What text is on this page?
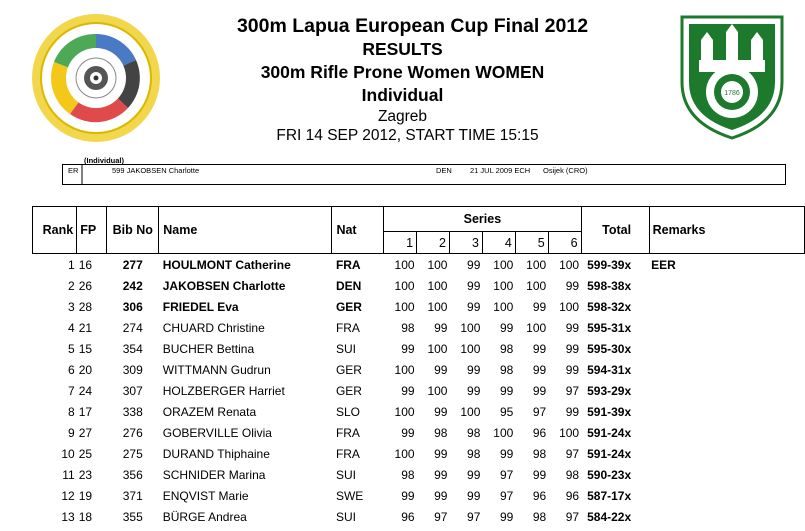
1786
300m Lapua European Cup Final 2012
RESULTS
300m Rifle Prone Women WOMEN
Individual
Zagreb
FRI 14 SEP 2012, START TIME 15:15
(Individual)
ER	599 JAKOBSEN Charlotte	DEN 21 JUL 2009 ECH Osijek (CRO)
Rank	FP	Bib No	Name	Nat	Series						Total	Remarks
					1	2	3	4	5	6		
1	16	277	HOULMONT Catherine	FRA	100	100	99	100	100	100	599-39x	EER
2	26	242	JAKOBSEN Charlotte	DEN	100	100	99	100	100	99	598-38x	
3	28	306	FRIEDEL Eva	GER	100	100	99	100	99	100	598-32x	
4	21	274	CHUARD Christine	FRA	98	99	100	99	100	99	595-31x	
5	15	354	BUCHER Bettina	SUI	99	100	100	98	99	99	595-30x	
6	20	309	WITTMANN Gudrun	GER	100	99	99	98	99	99	594-31x	
7	24	307	HOLZBERGER Harriet	GER	99	100	99	99	99	97	593-29x	
8	17	338	ORAZEM Renata	SLO	100	99	100	95	97	99	591-39x	
9	27	276	GOBERVILLE Olivia	FRA	99	98	98	100	96	100	591-24x	
10	25	275	DURAND Thiphaine	FRA	100	99	98	99	98	97	591-24x	
11	23	356	SCHNIDER Marina	SUI	98	99	99	97	99	98	590-23x	
12	19	371	ENQVIST Marie	SWE	99	99	99	97	96	96	587-17x	
13	18	355	BÜRGE Andrea	SUI	96	97	97	99	98	97	584-22x	
